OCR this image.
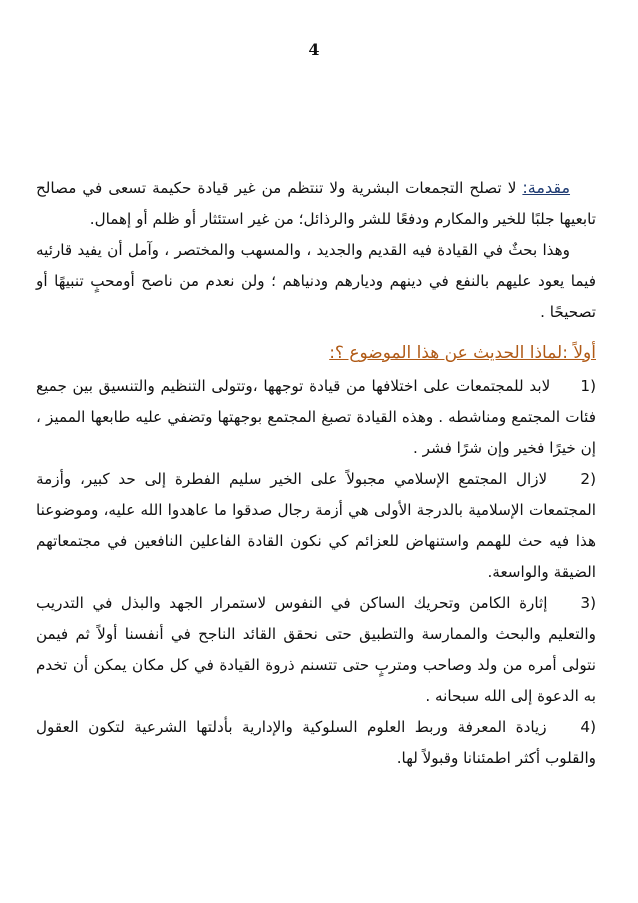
4

مقدمة: لا تصلح التجمعات البشرية ولا تنتظم من غير قيادة حكيمة تسعى في مصالح تابعيها جلبًا للخير والمكارم ودفعًا للشر والرذائل؛ من غير استئثار أو ظلم أو إهمال.

وهذا بحثٌ في القيادة فيه القديم والجديد ، والمسهب والمختصر ، وآمل أن يفيد قارئيه فيما يعود عليهم بالنفع في دينهم وديارهم ودنياهم ؛ ولن نعدم من ناصح أومحبٍ تنبيهًا أو تصحيحًا .

أولاً :لماذا الحديث عن هذا الموضوع ؟:

1) لابد للمجتمعات على اختلافها من قيادة توجهها ،وتتولى التنظيم والتنسيق بين جميع فئات المجتمع ومناشطه . وهذه القيادة تصبغ المجتمع بوجهتها وتضفي عليه طابعها المميز ، إن خيرًا فخير وإن شرًا فشر .

2) لازال المجتمع الإسلامي مجبولاً على الخير سليم الفطرة إلى حد كبير، وأزمة المجتمعات الإسلامية بالدرجة الأولى هي أزمة رجال صدقوا ما عاهدوا الله عليه، وموضوعنا هذا فيه حث للهمم واستنهاض للعزائم كي نكون القادة الفاعلين النافعين في مجتمعاتهم الضيقة والواسعة.

3) إثارة الكامن وتحريك الساكن في النفوس لاستمرار الجهد والبذل في التدريب والتعليم والبحث والممارسة والتطبيق حتى نحقق القائد الناجح في أنفسنا أولاً ثم فيمن نتولى أمره من ولد وصاحب ومتربٍ حتى تتسنم ذروة القيادة في كل مكان يمكن أن تخدم به الدعوة إلى الله سبحانه .

4) زيادة المعرفة وربط العلوم السلوكية والإدارية بأدلتها الشرعية لتكون العقول والقلوب أكثر اطمئنانا وقبولاً لها.
